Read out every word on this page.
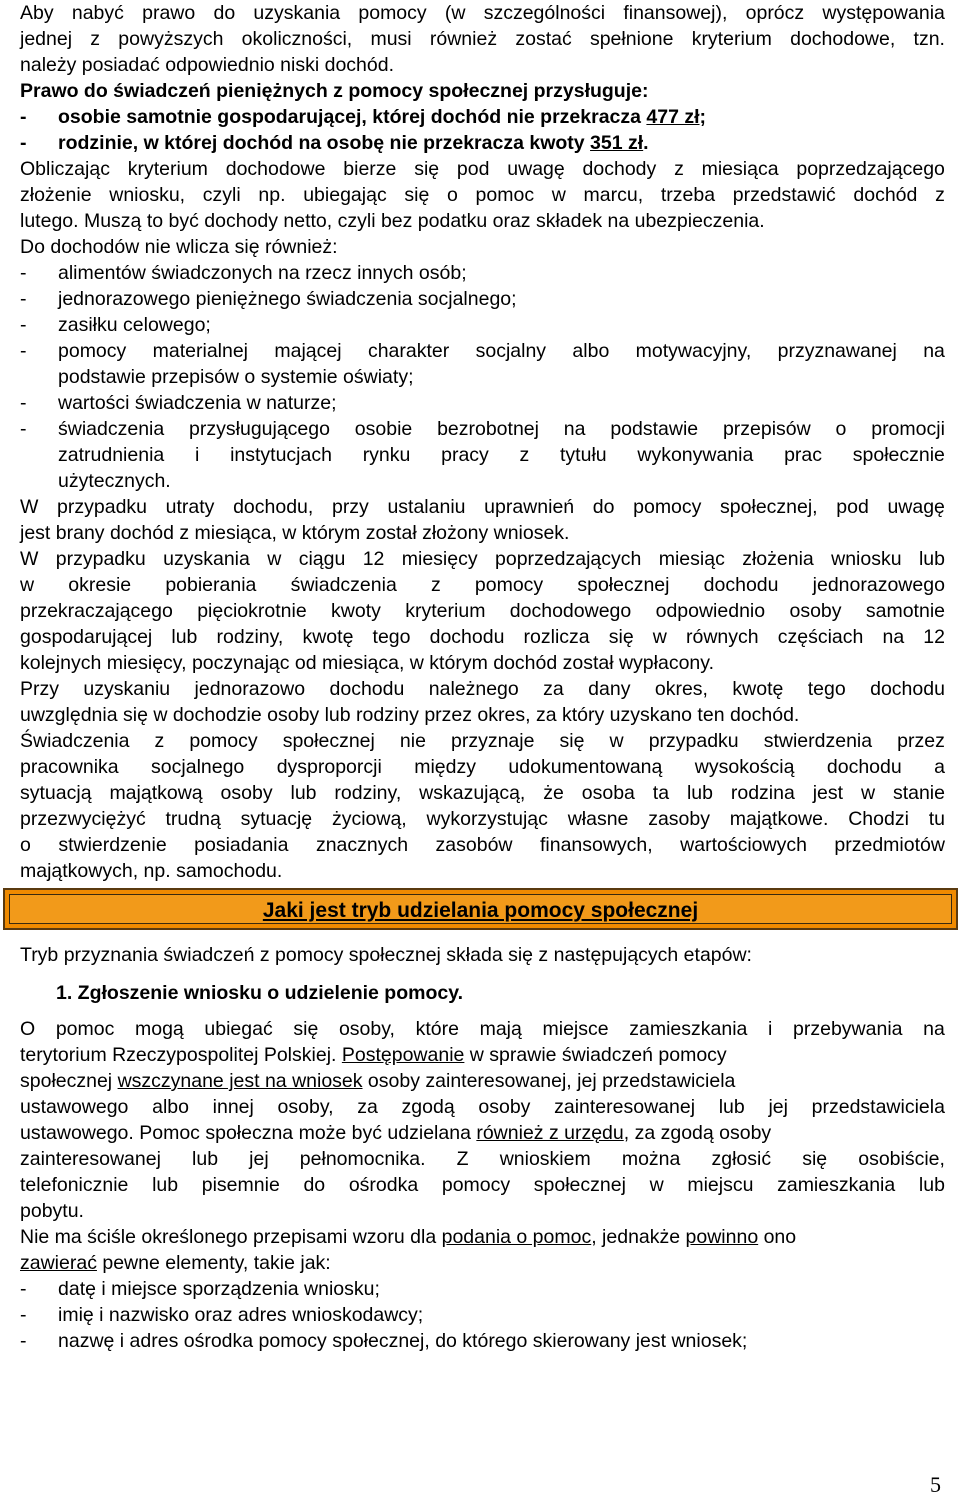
Aby nabyć prawo do uzyskania pomocy (w szczególności finansowej), oprócz występowania
jednej z powyższych okoliczności, musi również zostać spełnione kryterium dochodowe, tzn.
należy posiadać odpowiednio niski dochód.
Prawo do świadczeń pieniężnych z pomocy społecznej przysługuje:
-	osobie samotnie gospodarującej, której dochód nie przekracza 477 zł;
-	rodzinie, w której dochód na osobę nie przekracza kwoty 351 zł.
Obliczając kryterium dochodowe bierze się pod uwagę dochody z miesiąca poprzedzającego
złożenie wniosku, czyli np. ubiegając się o pomoc w marcu, trzeba przedstawić dochód z
lutego. Muszą to być dochody netto, czyli bez podatku oraz składek na ubezpieczenia.
Do dochodów nie wlicza się również:
-	alimentów świadczonych na rzecz innych osób;
-	jednorazowego pieniężnego świadczenia socjalnego;
-	zasiłku celowego;
-	pomocy materialnej mającej charakter socjalny albo motywacyjny, przyznawanej na
podstawie przepisów o systemie oświaty;
-	wartości świadczenia w naturze;
-	świadczenia przysługującego osobie bezrobotnej na podstawie przepisów o promocji
zatrudnienia i instytucjach rynku pracy z tytułu wykonywania prac społecznie
użytecznych.
W przypadku utraty dochodu, przy ustalaniu uprawnień do pomocy społecznej, pod uwagę
jest brany dochód z miesiąca, w którym został złożony wniosek.
W przypadku uzyskania w ciągu 12 miesięcy poprzedzających miesiąc złożenia wniosku lub
w okresie pobierania świadczenia z pomocy społecznej dochodu jednorazowego
przekraczającego pięciokrotnie kwoty kryterium dochodowego odpowiednio osoby samotnie
gospodarującej lub rodziny, kwotę tego dochodu rozlicza się w równych częściach na 12
kolejnych miesięcy, poczynając od miesiąca, w którym dochód został wypłacony.
Przy uzyskaniu jednorazowo dochodu należnego za dany okres, kwotę tego dochodu
uwzględnia się w dochodzie osoby lub rodziny przez okres, za który uzyskano ten dochód.
Świadczenia z pomocy społecznej nie przyznaje się w przypadku stwierdzenia przez
pracownika socjalnego dysproporcji między udokumentowaną wysokością dochodu a
sytuacją majątkową osoby lub rodziny, wskazującą, że osoba ta lub rodzina jest w stanie
przezwyciężyć trudną sytuację życiową, wykorzystując własne zasoby majątkowe. Chodzi tu
o stwierdzenie posiadania znacznych zasobów finansowych, wartościowych przedmiotów
majątkowych, np. samochodu.
Tryb przyznania świadczeń z pomocy społecznej składa się z następujących etapów:
1. Zgłoszenie wniosku o udzielenie pomocy.
O pomoc mogą ubiegać się osoby, które mają miejsce zamieszkania i przebywania na
terytorium Rzeczypospolitej Polskiej. Postępowanie w sprawie świadczeń pomocy
społecznej wszczynane jest na wniosek osoby zainteresowanej, jej przedstawiciela
ustawowego albo innej osoby, za zgodą osoby zainteresowanej lub jej przedstawiciela
ustawowego. Pomoc społeczna może być udzielana również z urzędu, za zgodą osoby
zainteresowanej lub jej pełnomocnika. Z wnioskiem można zgłosić się osobiście,
telefonicznie lub pisemnie do ośrodka pomocy społecznej w miejscu zamieszkania lub
pobytu.
Nie ma ściśle określonego przepisami wzoru dla podania o pomoc, jednakże powinno ono
zawierać pewne elementy, takie jak:
-	datę i miejsce sporządzenia wniosku;
-	imię i nazwisko oraz adres wnioskodawcy;
-	nazwę i adres ośrodka pomocy społecznej, do którego skierowany jest wniosek;
Jaki jest tryb udzielania pomocy społecznej
5
